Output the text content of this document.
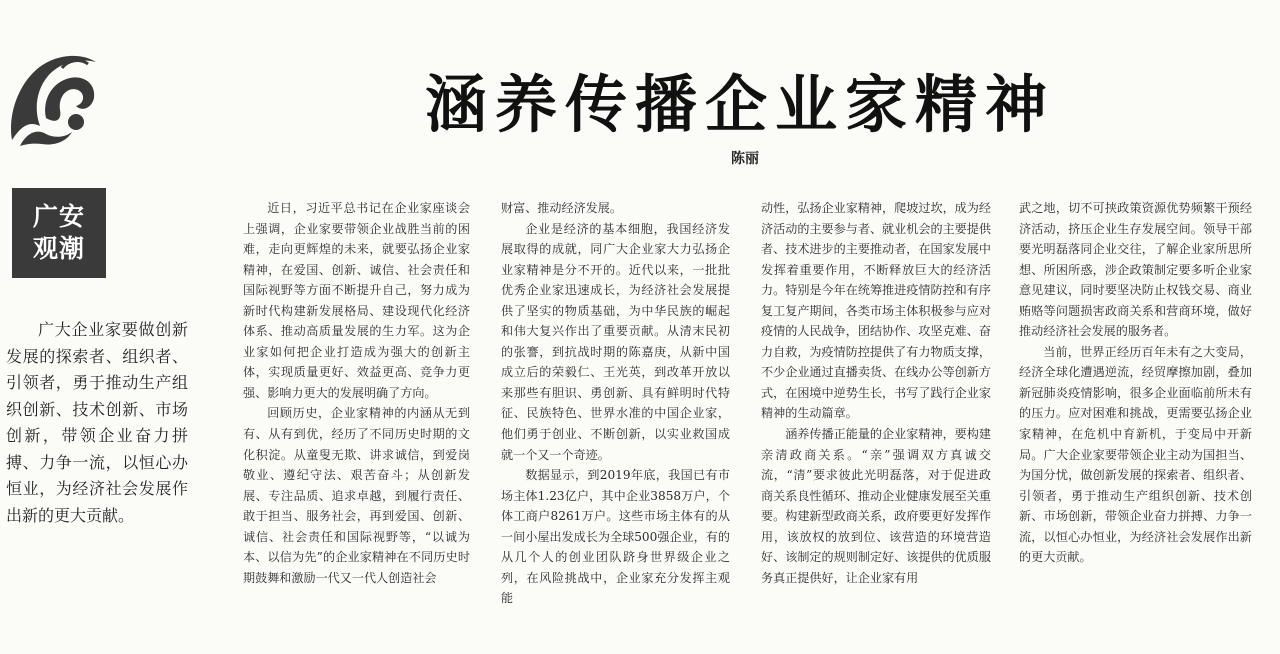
广安
观潮
涵养传播企业家精神
陈丽
广大企业家要做创新发展的探索者、组织者、引领者，勇于推动生产组织创新、技术创新、市场创新，带领企业奋力拼搏、力争一流，以恒心办恒业，为经济社会发展作出新的更大贡献。

近日，习近平总书记在企业家座谈会上强调，企业家要带领企业战胜当前的困难，走向更辉煌的未来，就要弘扬企业家精神，在爱国、创新、诚信、社会责任和国际视野等方面不断提升自己，努力成为新时代构建新发展格局、建设现代化经济体系、推动高质量发展的生力军。这为企业家如何把企业打造成为强大的创新主体，实现质量更好、效益更高、竞争力更强、影响力更大的发展明确了方向。

回顾历史，企业家精神的内涵从无到有、从有到优，经历了不同历史时期的文化积淀。从童叟无欺、讲求诚信，到爱岗敬业、遵纪守法、艰苦奋斗；从创新发展、专注品质、追求卓越，到履行责任、敢于担当、服务社会，再到爱国、创新、诚信、社会责任和国际视野等，“以诚为本、以信为先”的企业家精神在不同历史时期鼓舞和激励一代又一代人创造社会

财富、推动经济发展。

企业是经济的基本细胞，我国经济发展取得的成就，同广大企业家大力弘扬企业家精神是分不开的。近代以来，一批批优秀企业家迅速成长，为经济社会发展提供了坚实的物质基础，为中华民族的崛起和伟大复兴作出了重要贡献。从清末民初的张謇，到抗战时期的陈嘉庚，从新中国成立后的荣毅仁、王光英，到改革开放以来那些有胆识、勇创新、具有鲜明时代特征、民族特色、世界水准的中国企业家，他们勇于创业、不断创新，以实业救国成就一个又一个奇迹。

数据显示，到2019年底，我国已有市场主体1.23亿户，其中企业3858万户，个体工商户8261万户。这些市场主体有的从一间小屋出发成长为全球500强企业，有的从几个人的创业团队跻身世界级企业之列，在风险挑战中，企业家充分发挥主观能

动性，弘扬企业家精神，爬坡过坎，成为经济活动的主要参与者、就业机会的主要提供者、技术进步的主要推动者，在国家发展中发挥着重要作用，不断释放巨大的经济活力。特别是今年在统筹推进疫情防控和有序复工复产期间，各类市场主体积极参与应对疫情的人民战争，团结协作、攻坚克难、奋力自救，为疫情防控提供了有力物质支撑，不少企业通过直播卖货、在线办公等创新方式，在困境中逆势生长，书写了践行企业家精神的生动篇章。

涵养传播正能量的企业家精神，要构建亲清政商关系。“亲”强调双方真诚交流，“清”要求彼此光明磊落，对于促进政商关系良性循环、推动企业健康发展至关重要。构建新型政商关系，政府要更好发挥作用，该放权的放到位、该营造的环境营造好、该制定的规则制定好、该提供的优质服务真正提供好，让企业家有用

武之地，切不可挟政策资源优势频繁干预经济活动，挤压企业生存发展空间。领导干部要光明磊落同企业交往，了解企业家所思所想、所困所惑，涉企政策制定要多听企业家意见建议，同时要坚决防止权钱交易、商业贿赂等问题损害政商关系和营商环境，做好推动经济社会发展的服务者。

当前，世界正经历百年未有之大变局，经济全球化遭遇逆流，经贸摩擦加剧，叠加新冠肺炎疫情影响，很多企业面临前所未有的压力。应对困难和挑战，更需要弘扬企业家精神，在危机中育新机，于变局中开新局。广大企业家要带领企业主动为国担当、为国分忧，做创新发展的探索者、组织者、引领者，勇于推动生产组织创新、技术创新、市场创新，带领企业奋力拼搏、力争一流，以恒心办恒业，为经济社会发展作出新的更大贡献。
